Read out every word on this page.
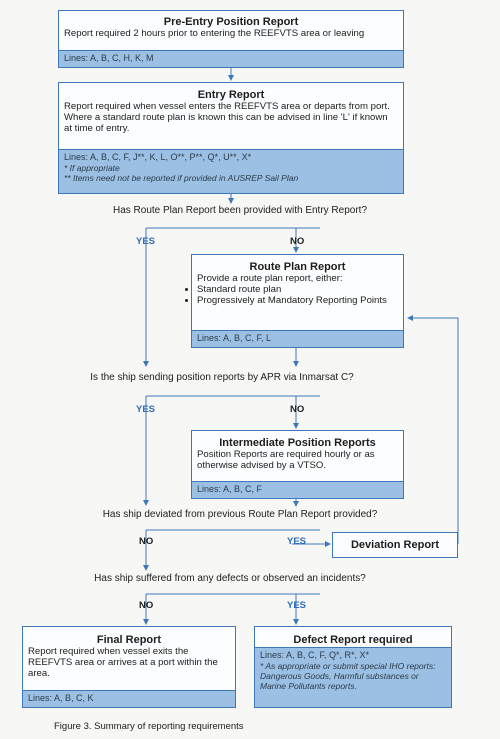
Pre-Entry Position Report
Report required 2 hours prior to entering the REEFVTS area or leaving
Lines: A, B, C, H, K, M
Entry Report
Report required when vessel enters the REEFVTS area or departs from port.
Where a standard route plan is known this can be advised in line 'L' if known at time of entry.
Lines: A, B, C, F, J**, K, L, O**, P**, Q*, U**, X*
* If appropriate
** Items need not be reported if provided in AUSREP Sail Plan
Has Route Plan Report been provided with Entry Report?
YES	NO
Route Plan Report
Provide a route plan report, either:
• Standard route plan
• Progressively at Mandatory Reporting Points
Lines: A, B, C, F, L
Is the ship sending position reports by APR via Inmarsat C?
YES	NO
Intermediate Position Reports
Position Reports are required hourly or as otherwise advised by a VTSO.
Lines: A, B, C, F
Has ship deviated from previous Route Plan Report provided?
NO	YES	Deviation Report
Has ship suffered from any defects or observed an incidents?
NO	YES
Final Report
Report required when vessel exits the REEFVTS area or arrives at a port within the area.
Lines: A, B, C, K
Defect Report required
Lines: A, B, C, F, Q*, R*, X*
* As appropriate or submit special IHO reports: Dangerous Goods, Harmful substances or Marine Pollutants reports.
Figure 3. Summary of reporting requirements
